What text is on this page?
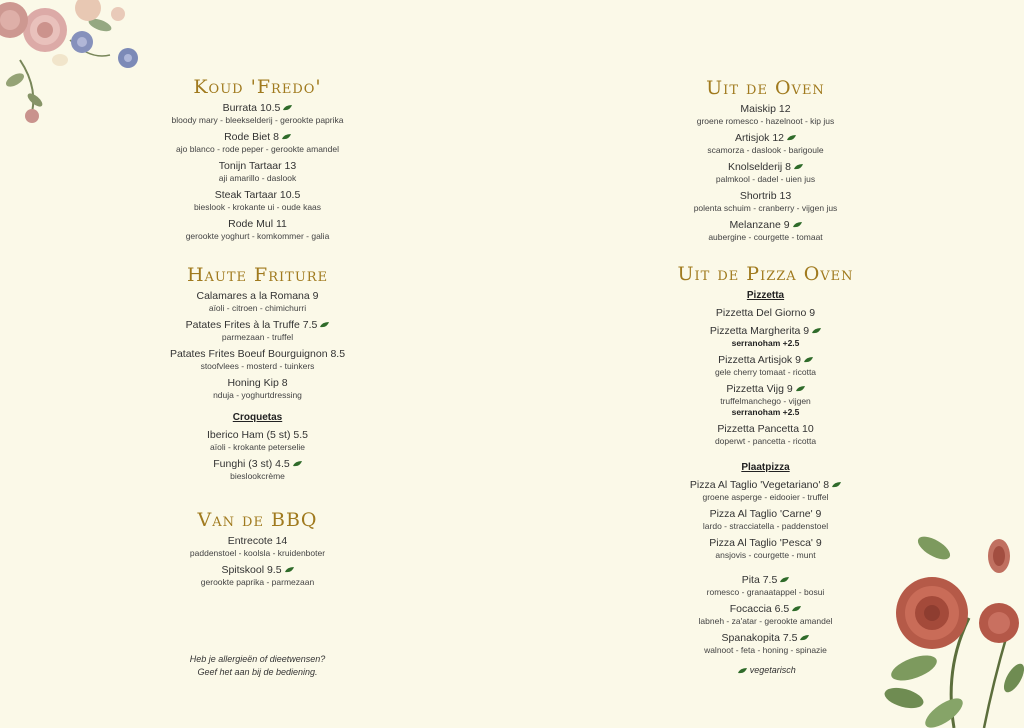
Koud 'Fredo'
Burrata 10.5
bloody mary - bleekselderij - gerookte paprika
Rode Biet 8
ajo blanco - rode peper - gerookte amandel
Tonijn Tartaar 13
aji amarillo - daslook
Steak Tartaar 10.5
bieslook - krokante ui - oude kaas
Rode Mul 11
gerookte yoghurt - komkommer - galia
Haute Friture
Calamares a la Romana 9
aïoli - citroen - chimichurri
Patates Frites à la Truffe 7.5
parmezaan - truffel
Patates Frites Boeuf Bourguignon 8.5
stoofvlees - mosterd - tuinkers
Honing Kip 8
nduja - yoghurtdressing
Croquetas
Iberico Ham (5 st) 5.5
aïoli - krokante peterselie
Funghi (3 st) 4.5
bieslookcrème
Van de BBQ
Entrecote 14
paddenstoel - koolsla - kruidenboter
Spitskool 9.5
gerookte paprika - parmezaan
Heb je allergieën of dieetwensen?
Geef het aan bij de bediening.
Uit de Oven
Maiskip 12
groene romesco - hazelnoot - kip jus
Artisjok 12
scamorza - daslook - barigoule
Knolselderij 8
palmkool - dadel - uien jus
Shortrib 13
polenta schuim - cranberry - vijgen jus
Melanzane 9
aubergine - courgette - tomaat
Uit de Pizza Oven
Pizzetta
Pizzetta Del Giorno 9
Pizzetta Margherita 9
serranoham +2.5
Pizzetta Artisjok 9
gele cherry tomaat - ricotta
Pizzetta Vijg 9
truffelmanchego - vijgen
serranoham +2.5
Pizzetta Pancetta 10
doperwt - pancetta - ricotta
Plaatpizza
Pizza Al Taglio 'Vegetariano' 8
groene asperge - eidooier - truffel
Pizza Al Taglio 'Carne' 9
lardo - stracciatella - paddenstoel
Pizza Al Taglio 'Pesca' 9
ansjovis - courgette - munt
Pita 7.5
romesco - granaatappel - bosui
Focaccia 6.5
labneh - za'atar - gerookte amandel
Spanakopita 7.5
walnoot - feta - honing - spinazie
vegetarisch
